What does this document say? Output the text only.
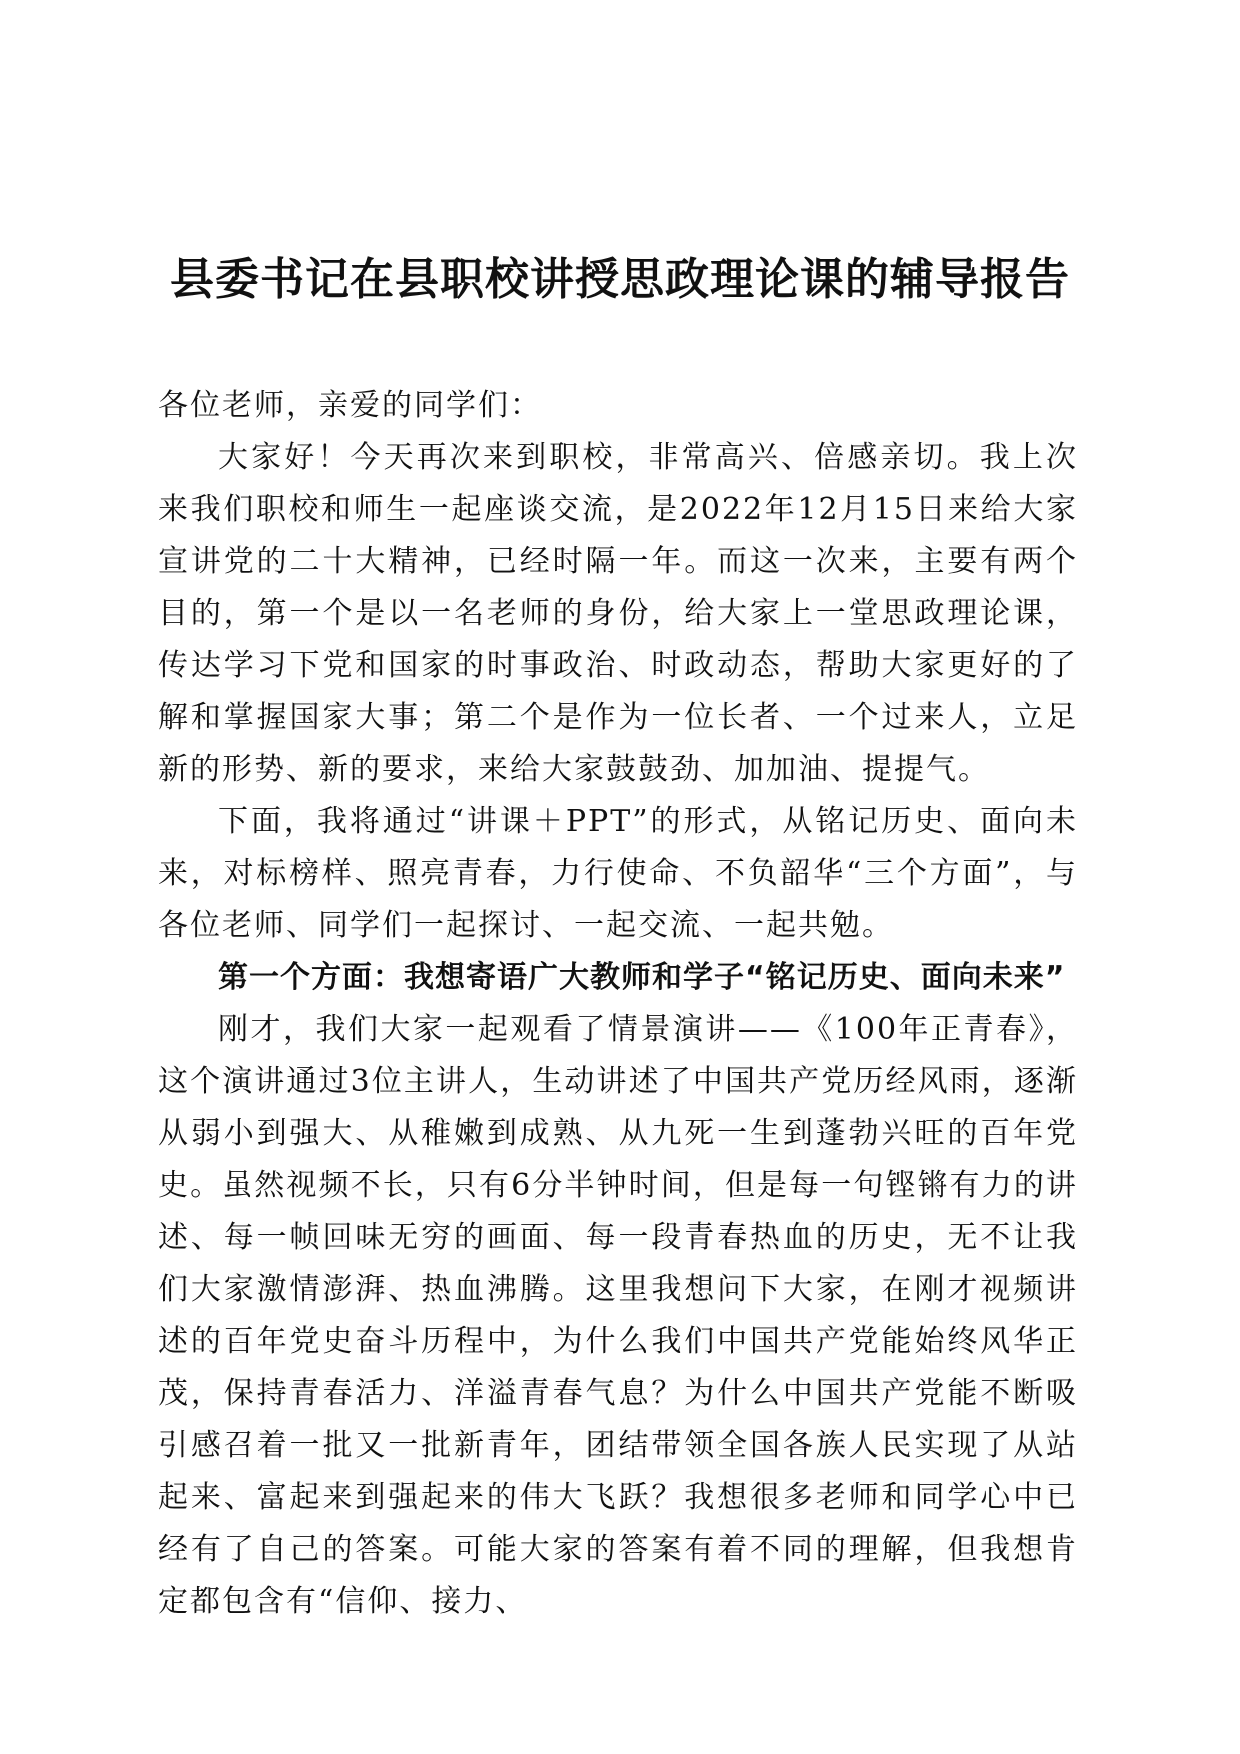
县委书记在县职校讲授思政理论课的辅导报告

各位老师，亲爱的同学们：

大家好！今天再次来到职校，非常高兴、倍感亲切。我上次来我们职校和师生一起座谈交流，是2022年12月15日来给大家宣讲党的二十大精神，已经时隔一年。而这一次来，主要有两个目的，第一个是以一名老师的身份，给大家上一堂思政理论课，传达学习下党和国家的时事政治、时政动态，帮助大家更好的了解和掌握国家大事；第二个是作为一位长者、一个过来人，立足新的形势、新的要求，来给大家鼓鼓劲、加加油、提提气。

下面，我将通过“讲课＋PPT”的形式，从铭记历史、面向未来，对标榜样、照亮青春，力行使命、不负韶华“三个方面”，与各位老师、同学们一起探讨、一起交流、一起共勉。

第一个方面：我想寄语广大教师和学子“铭记历史、面向未来”

刚才，我们大家一起观看了情景演讲——《100年正青春》，这个演讲通过3位主讲人，生动讲述了中国共产党历经风雨，逐渐从弱小到强大、从稚嫩到成熟、从九死一生到蓬勃兴旺的百年党史。虽然视频不长，只有6分半钟时间，但是每一句铿锵有力的讲述、每一帧回味无穷的画面、每一段青春热血的历史，无不让我们大家激情澎湃、热血沸腾。这里我想问下大家，在刚才视频讲述的百年党史奋斗历程中，为什么我们中国共产党能始终风华正茂，保持青春活力、洋溢青春气息？为什么中国共产党能不断吸引感召着一批又一批新青年，团结带领全国各族人民实现了从站起来、富起来到强起来的伟大飞跃？我想很多老师和同学心中已经有了自己的答案。可能大家的答案有着不同的理解，但我想肯定都包含有“信仰、接力、
